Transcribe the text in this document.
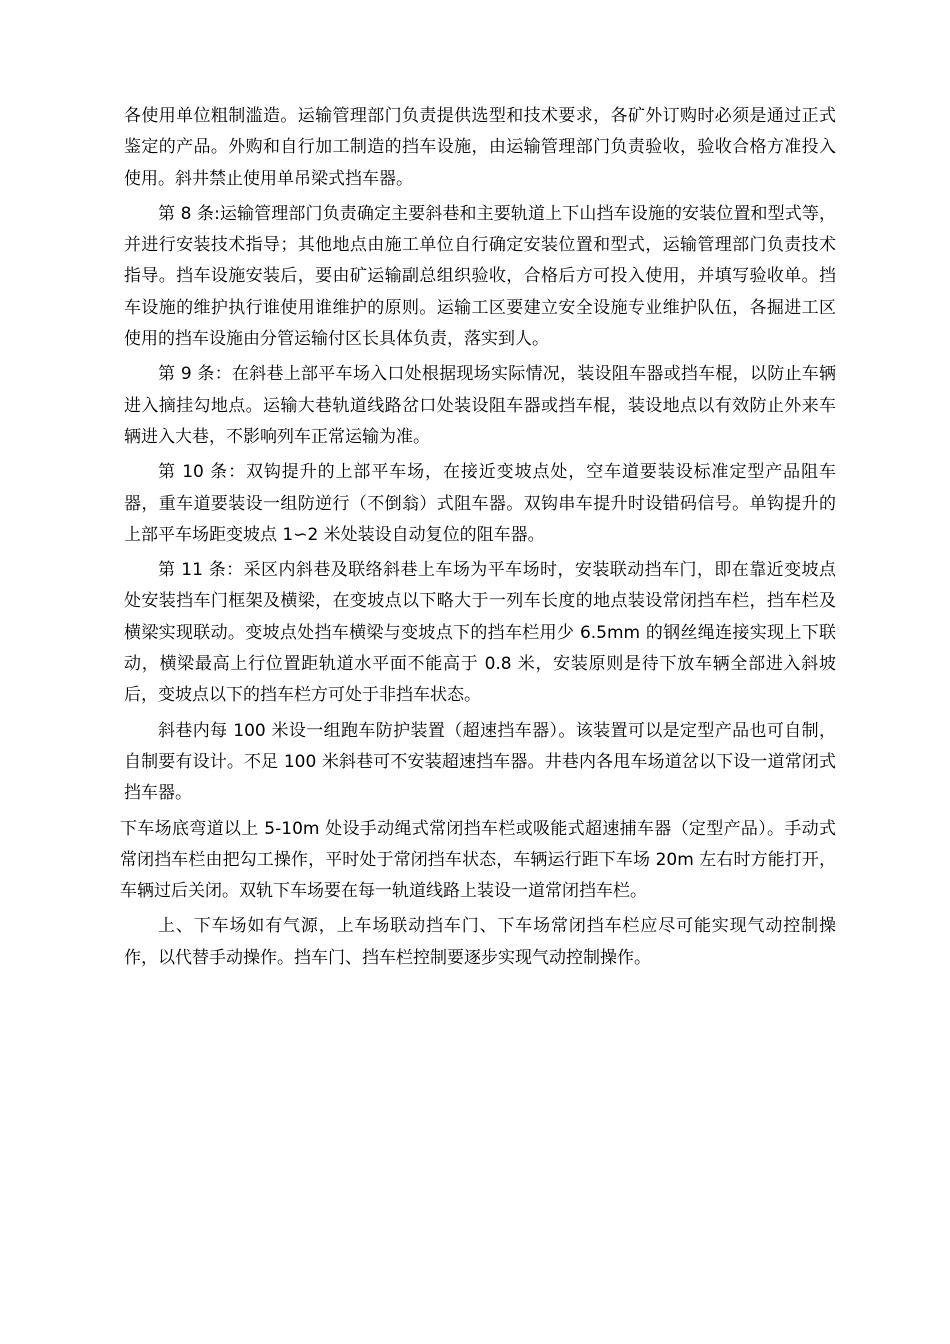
各使用单位粗制滥造。运输管理部门负责提供选型和技术要求，各矿外订购时必须是通过正式鉴定的产品。外购和自行加工制造的挡车设施，由运输管理部门负责验收，验收合格方准投入使用。斜井禁止使用单吊梁式挡车器。

第 8 条:运输管理部门负责确定主要斜巷和主要轨道上下山挡车设施的安装位置和型式等，并进行安装技术指导；其他地点由施工单位自行确定安装位置和型式，运输管理部门负责技术指导。挡车设施安装后，要由矿运输副总组织验收，合格后方可投入使用，并填写验收单。挡车设施的维护执行谁使用谁维护的原则。运输工区要建立安全设施专业维护队伍，各掘进工区使用的挡车设施由分管运输付区长具体负责，落实到人。

第 9 条：在斜巷上部平车场入口处根据现场实际情况，装设阻车器或挡车棍，以防止车辆进入摘挂勾地点。运输大巷轨道线路岔口处装设阻车器或挡车棍，装设地点以有效防止外来车辆进入大巷，不影响列车正常运输为准。

第 10 条：双钩提升的上部平车场，在接近变坡点处，空车道要装设标准定型产品阻车器，重车道要装设一组防逆行（不倒翁）式阻车器。双钩串车提升时设错码信号。单钩提升的上部平车场距变坡点 1∽2 米处装设自动复位的阻车器。

第 11 条：采区内斜巷及联络斜巷上车场为平车场时，安装联动挡车门，即在靠近变坡点处安装挡车门框架及横梁，在变坡点以下略大于一列车长度的地点装设常闭挡车栏，挡车栏及横梁实现联动。变坡点处挡车横梁与变坡点下的挡车栏用少 6.5mm 的钢丝绳连接实现上下联动，横梁最高上行位置距轨道水平面不能高于 0.8 米，安装原则是待下放车辆全部进入斜坡后，变坡点以下的挡车栏方可处于非挡车状态。

斜巷内每 100 米设一组跑车防护装置（超速挡车器）。该装置可以是定型产品也可自制，自制要有设计。不足 100 米斜巷可不安装超速挡车器。井巷内各甩车场道岔以下设一道常闭式挡车器。

下车场底弯道以上 5-10m 处设手动绳式常闭挡车栏或吸能式超速捕车器（定型产品）。手动式常闭挡车栏由把勾工操作，平时处于常闭挡车状态，车辆运行距下车场 20m 左右时方能打开，车辆过后关闭。双轨下车场要在每一轨道线路上装设一道常闭挡车栏。

上、下车场如有气源，上车场联动挡车门、下车场常闭挡车栏应尽可能实现气动控制操作，以代替手动操作。挡车门、挡车栏控制要逐步实现气动控制操作。
